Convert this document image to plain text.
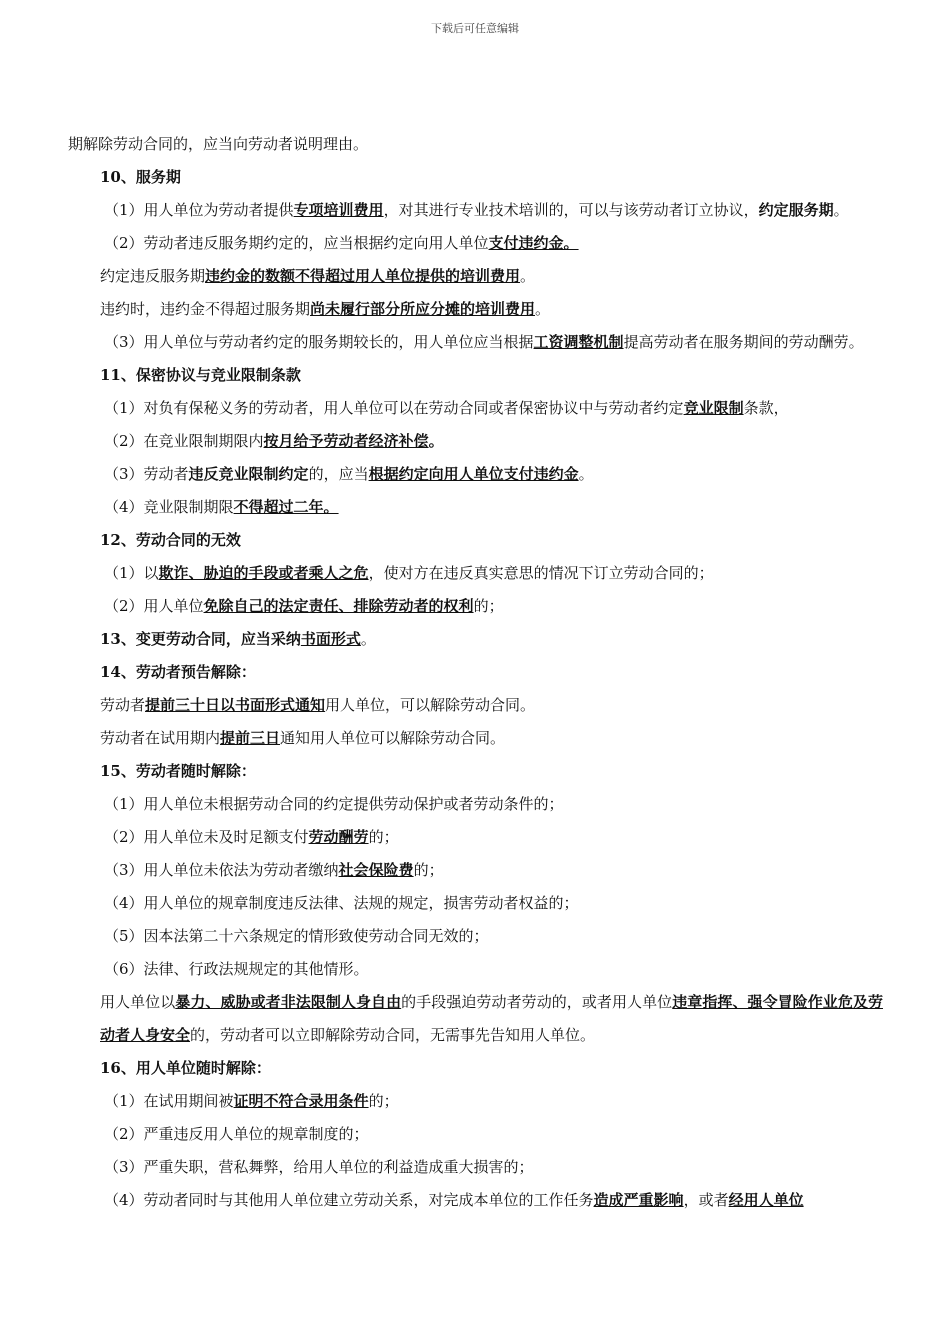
下载后可任意编辑

期解除劳动合同的，应当向劳动者说明理由。

10、服务期

（1）用人单位为劳动者提供专项培训费用，对其进行专业技术培训的，可以与该劳动者订立协议，约定服务期。

（2）劳动者违反服务期约定的，应当根据约定向用人单位支付违约金。

约定违反服务期违约金的数额不得超过用人单位提供的培训费用。

违约时，违约金不得超过服务期尚未履行部分所应分摊的培训费用。

（3）用人单位与劳动者约定的服务期较长的，用人单位应当根据工资调整机制提高劳动者在服务期间的劳动酬劳。

11、保密协议与竞业限制条款

（1）对负有保秘义务的劳动者，用人单位可以在劳动合同或者保密协议中与劳动者约定竞业限制条款，

（2）在竞业限制期限内按月给予劳动者经济补偿。

（3）劳动者违反竞业限制约定的，应当根据约定向用人单位支付违约金。

（4）竞业限制期限不得超过二年。

12、劳动合同的无效

（1）以欺诈、胁迫的手段或者乘人之危，使对方在违反真实意思的情况下订立劳动合同的；

（2）用人单位免除自己的法定责任、排除劳动者的权利的；

13、变更劳动合同，应当采纳书面形式。

14、劳动者预告解除：

劳动者提前三十日以书面形式通知用人单位，可以解除劳动合同。

劳动者在试用期内提前三日通知用人单位可以解除劳动合同。

15、劳动者随时解除：

（1）用人单位未根据劳动合同的约定提供劳动保护或者劳动条件的；

（2）用人单位未及时足额支付劳动酬劳的；

（3）用人单位未依法为劳动者缴纳社会保险费的；

（4）用人单位的规章制度违反法律、法规的规定，损害劳动者权益的；

（5）因本法第二十六条规定的情形致使劳动合同无效的；

（6）法律、行政法规规定的其他情形。

用人单位以暴力、威胁或者非法限制人身自由的手段强迫劳动者劳动的，或者用人单位违章指挥、强令冒险作业危及劳动者人身安全的，劳动者可以立即解除劳动合同，无需事先告知用人单位。

16、用人单位随时解除：

（1）在试用期间被证明不符合录用条件的；

（2）严重违反用人单位的规章制度的；

（3）严重失职，营私舞弊，给用人单位的利益造成重大损害的；

（4）劳动者同时与其他用人单位建立劳动关系，对完成本单位的工作任务造成严重影响，或者经用人单位
